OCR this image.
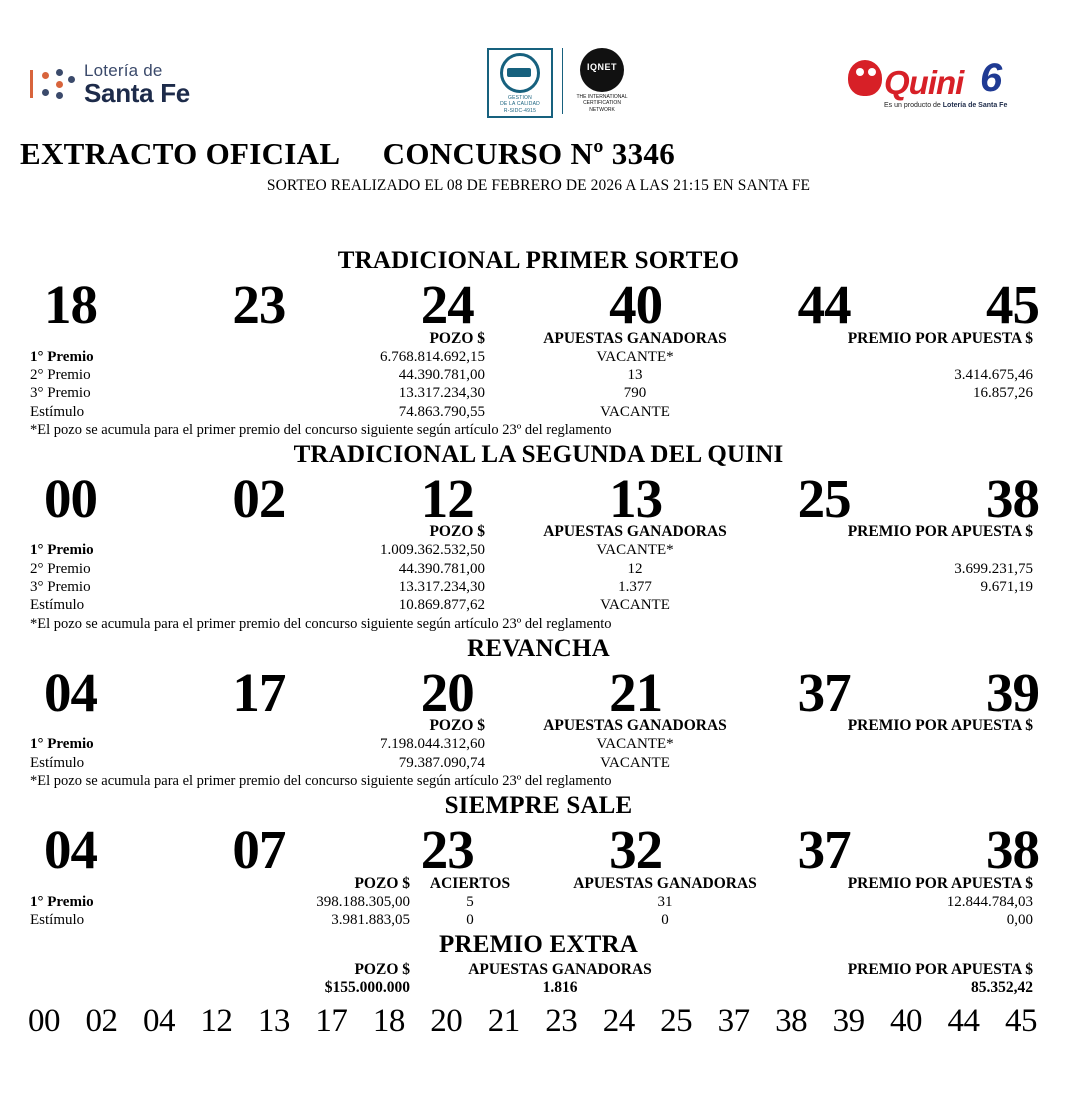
Lotería de
Santa Fe	GESTION
DE LA CALIDAD
R-SIDC-4915
IQNET
THE INTERNATIONAL
CERTIFICATION NETWORK
Quini 6
Es un producto de Lotería de Santa Fe
EXTRACTO OFICIAL CONCURSO Nº 3346
SORTEO REALIZADO EL 08 DE FEBRERO DE 2026 A LAS 21:15 EN SANTA FE
TRADICIONAL PRIMER SORTEO
18 23 24 40 44 45
POZO $	APUESTAS GANADORAS	PREMIO POR APUESTA $
1° Premio	6.768.814.692,15	VACANTE*
2° Premio	44.390.781,00	13	3.414.675,46
3° Premio	13.317.234,30	790	16.857,26
Estímulo	74.863.790,55	VACANTE
*El pozo se acumula para el primer premio del concurso siguiente según artículo 23º del reglamento
TRADICIONAL LA SEGUNDA DEL QUINI
00 02 12 13 25 38
POZO $	APUESTAS GANADORAS	PREMIO POR APUESTA $
1° Premio	1.009.362.532,50	VACANTE*
2° Premio	44.390.781,00	12	3.699.231,75
3° Premio	13.317.234,30	1.377	9.671,19
Estímulo	10.869.877,62	VACANTE
*El pozo se acumula para el primer premio del concurso siguiente según artículo 23º del reglamento
REVANCHA
04 17 20 21 37 39
POZO $	APUESTAS GANADORAS	PREMIO POR APUESTA $
1° Premio	7.198.044.312,60	VACANTE*
Estímulo	79.387.090,74	VACANTE
*El pozo se acumula para el primer premio del concurso siguiente según artículo 23º del reglamento
SIEMPRE SALE
04 07 23 32 37 38
POZO $	ACIERTOS	APUESTAS GANADORAS	PREMIO POR APUESTA $
1° Premio	398.188.305,00	5	31	12.844.784,03
Estímulo	3.981.883,05	0	0	0,00
PREMIO EXTRA
POZO $	APUESTAS GANADORAS	PREMIO POR APUESTA $
$155.000.000	1.816	85.352,42
00 02 04 12 13 17 18 20 21 23 24 25 37 38 39 40 44 45
